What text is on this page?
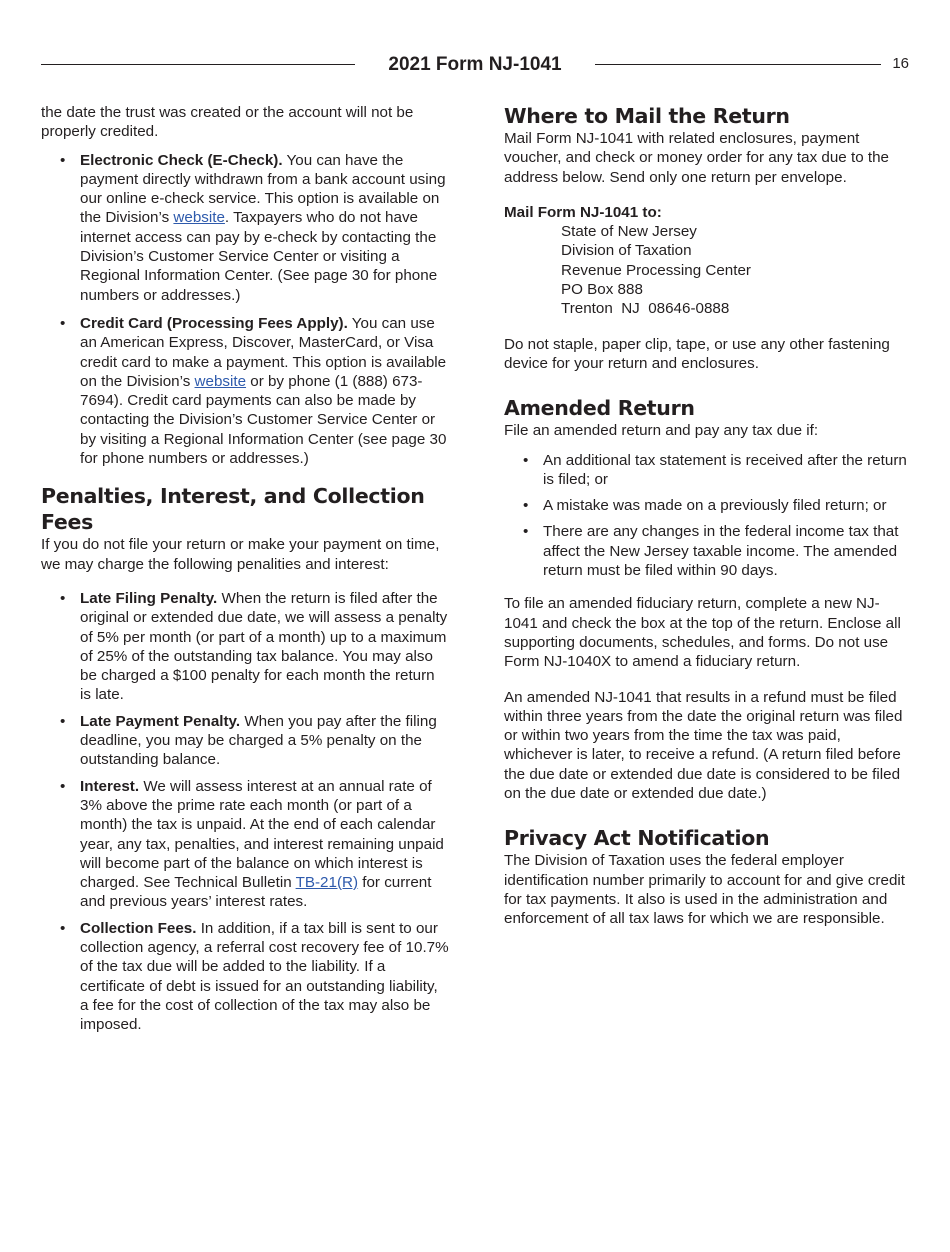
2021 Form NJ-1041	16

the date the trust was created or the account will not be properly credited.

• Electronic Check (E-Check). You can have the payment directly withdrawn from a bank account using our online e-check service. This option is available on the Division’s website. Taxpayers who do not have internet access can pay by e-check by contacting the Division’s Customer Service Center or visiting a Regional Information Center. (See page 30 for phone numbers or addresses.)
• Credit Card (Processing Fees Apply). You can use an American Express, Discover, MasterCard, or Visa credit card to make a payment. This option is available on the Division’s website or by phone (1 (888) 673-7694). Credit card payments can also be made by contacting the Division’s Customer Service Center or by visiting a Regional Information Center (see page 30 for phone numbers or addresses.)
Penalties, Interest, and Collection Fees

If you do not file your return or make your payment on time, we may charge the following penalities and interest:

• Late Filing Penalty. When the return is filed after the original or extended due date, we will assess a penalty of 5% per month (or part of a month) up to a maximum of 25% of the outstanding tax balance. You may also be charged a $100 penalty for each month the return is late.
• Late Payment Penalty. When you pay after the filing deadline, you may be charged a 5% penalty on the outstanding balance.
• Interest. We will assess interest at an annual rate of 3% above the prime rate each month (or part of a month) the tax is unpaid. At the end of each calendar year, any tax, penalties, and interest remaining unpaid will become part of the balance on which interest is charged. See Technical Bulletin TB-21(R) for current and previous years’ interest rates.
• Collection Fees. In addition, if a tax bill is sent to our collection agency, a referral cost recovery fee of 10.7% of the tax due will be added to the liability. If a certificate of debt is issued for an outstanding liability, a fee for the cost of collection of the tax may also be imposed.
Where to Mail the Return

Mail Form NJ-1041 with related enclosures, payment voucher, and check or money order for any tax due to the address below. Send only one return per envelope.

Mail Form NJ-1041 to:

State of New Jersey
Division of Taxation
Revenue Processing Center
PO Box 888
Trenton  NJ  08646-0888

Do not staple, paper clip, tape, or use any other fastening device for your return and enclosures.

Amended Return

File an amended return and pay any tax due if:

• An additional tax statement is received after the return is filed; or
• A mistake was made on a previously filed return; or
• There are any changes in the federal income tax that affect the New Jersey taxable income. The amended return must be filed within 90 days.

To file an amended fiduciary return, complete a new NJ-1041 and check the box at the top of the return. Enclose all supporting documents, schedules, and forms. Do not use Form NJ-1040X to amend a fiduciary return.

An amended NJ-1041 that results in a refund must be filed within three years from the date the original return was filed or within two years from the time the tax was paid, whichever is later, to receive a refund. (A return filed before the due date or extended due date is considered to be filed on the due date or extended due date.)

Privacy Act Notification

The Division of Taxation uses the federal employer identification number primarily to account for and give credit for tax payments. It also is used in the administration and enforcement of all tax laws for which we are responsible.
